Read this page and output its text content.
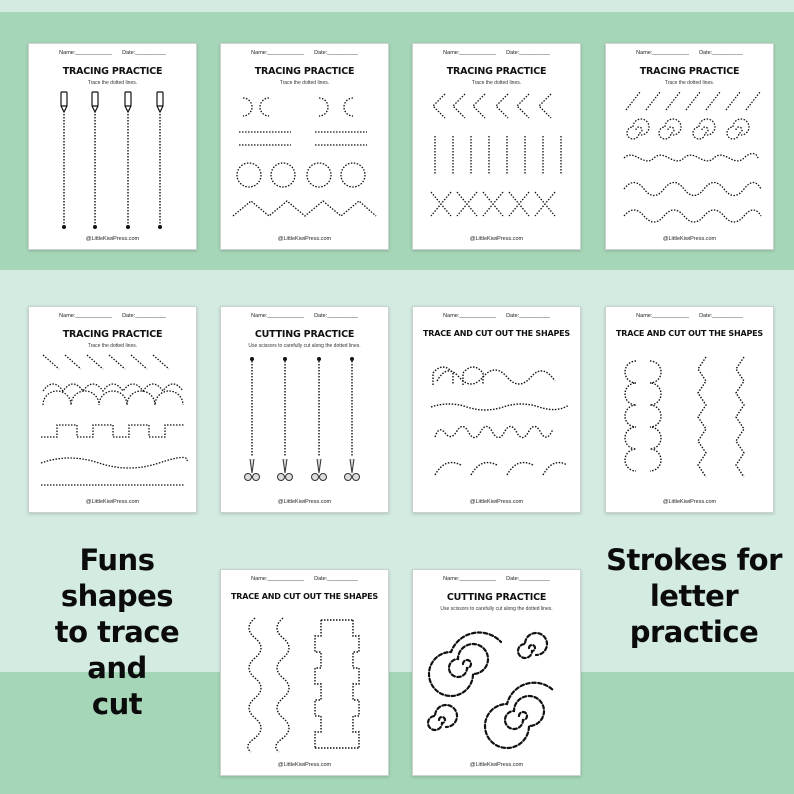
Name:____________ Date:__________
TRACING PRACTICE
Trace the dotted lines.
@LittleKiwiPress.com
Name:____________ Date:__________
TRACING PRACTICE
Trace the dotted lines.
@LittleKiwiPress.com
Name:____________ Date:__________
TRACING PRACTICE
Trace the dotted lines.
@LittleKiwiPress.com
Name:____________ Date:__________
TRACING PRACTICE
Trace the dotted lines.
@LittleKiwiPress.com
Name:____________ Date:__________
TRACING PRACTICE
Trace the dotted lines.
@LittleKiwiPress.com
Name:____________ Date:__________
CUTTING PRACTICE
Use scissors to carefully cut along the dotted lines.
@LittleKiwiPress.com
Name:____________ Date:__________
TRACE AND CUT OUT THE SHAPES
@LittleKiwiPress.com
Name:____________ Date:__________
TRACE AND CUT OUT THE SHAPES
@LittleKiwiPress.com
Name:____________ Date:__________
TRACE AND CUT OUT THE SHAPES
@LittleKiwiPress.com
Name:____________ Date:__________
CUTTING PRACTICE
Use scissors to carefully cut along the dotted lines.
@LittleKiwiPress.com
Funs shapes
to trace and
cut
Strokes for
letter
practice
